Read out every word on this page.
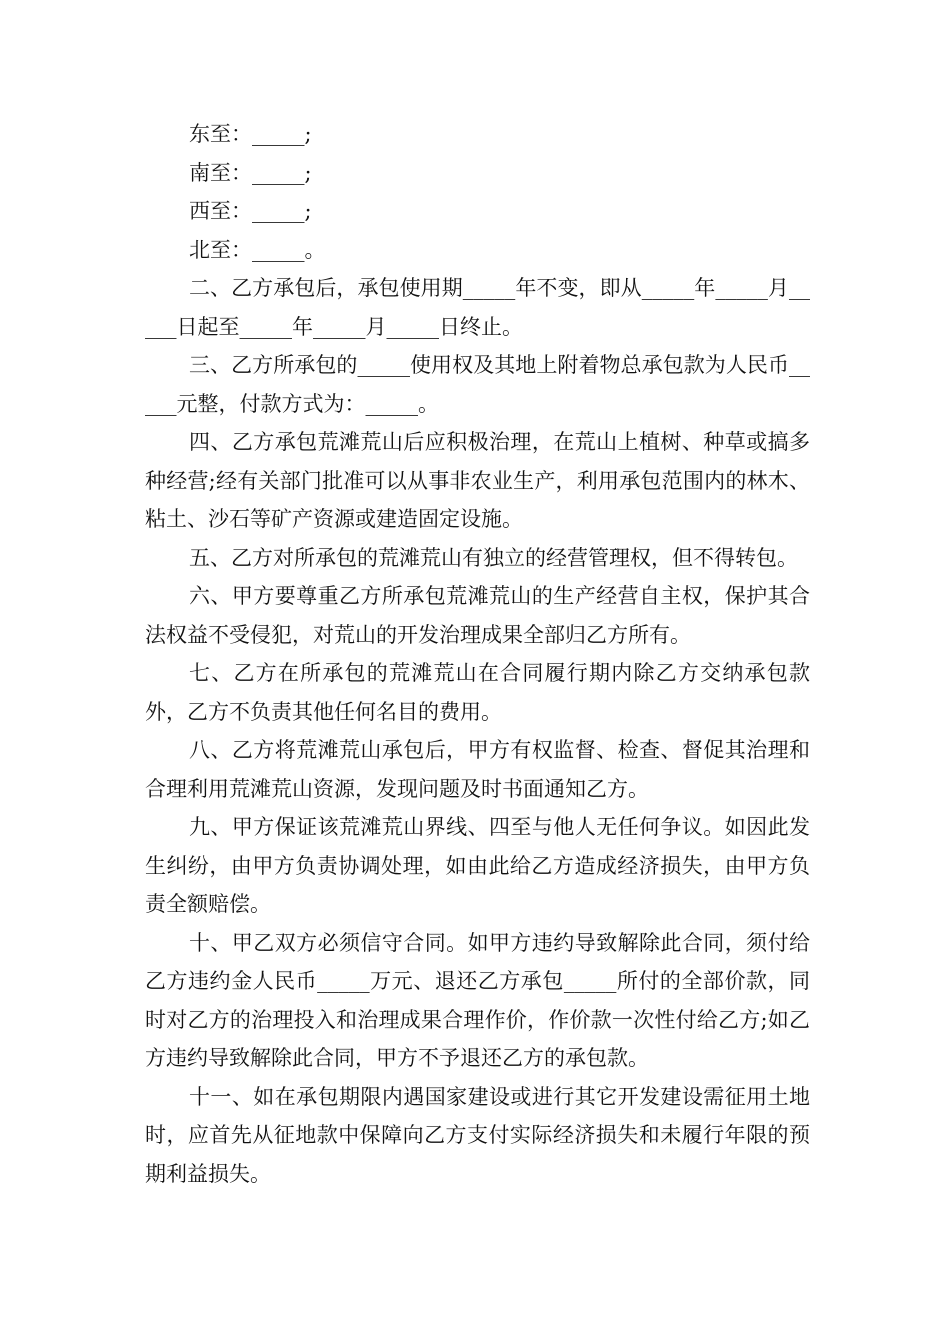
东至：_____;

南至：_____;

西至：_____;

北至：_____。

二、乙方承包后，承包使用期_____年不变，即从_____年_____月_____日起至_____年_____月_____日终止。

三、乙方所承包的_____使用权及其地上附着物总承包款为人民币_____元整，付款方式为：_____。

四、乙方承包荒滩荒山后应积极治理，在荒山上植树、种草或搞多种经营;经有关部门批准可以从事非农业生产，利用承包范围内的林木、粘土、沙石等矿产资源或建造固定设施。

五、乙方对所承包的荒滩荒山有独立的经营管理权，但不得转包。

六、甲方要尊重乙方所承包荒滩荒山的生产经营自主权，保护其合法权益不受侵犯，对荒山的开发治理成果全部归乙方所有。

七、乙方在所承包的荒滩荒山在合同履行期内除乙方交纳承包款外，乙方不负责其他任何名目的费用。

八、乙方将荒滩荒山承包后，甲方有权监督、检查、督促其治理和合理利用荒滩荒山资源，发现问题及时书面通知乙方。

九、甲方保证该荒滩荒山界线、四至与他人无任何争议。如因此发生纠纷，由甲方负责协调处理，如由此给乙方造成经济损失，由甲方负责全额赔偿。

十、甲乙双方必须信守合同。如甲方违约导致解除此合同，须付给乙方违约金人民币_____万元、退还乙方承包_____所付的全部价款，同时对乙方的治理投入和治理成果合理作价，作价款一次性付给乙方;如乙方违约导致解除此合同，甲方不予退还乙方的承包款。

十一、如在承包期限内遇国家建设或进行其它开发建设需征用土地时，应首先从征地款中保障向乙方支付实际经济损失和未履行年限的预期利益损失。
